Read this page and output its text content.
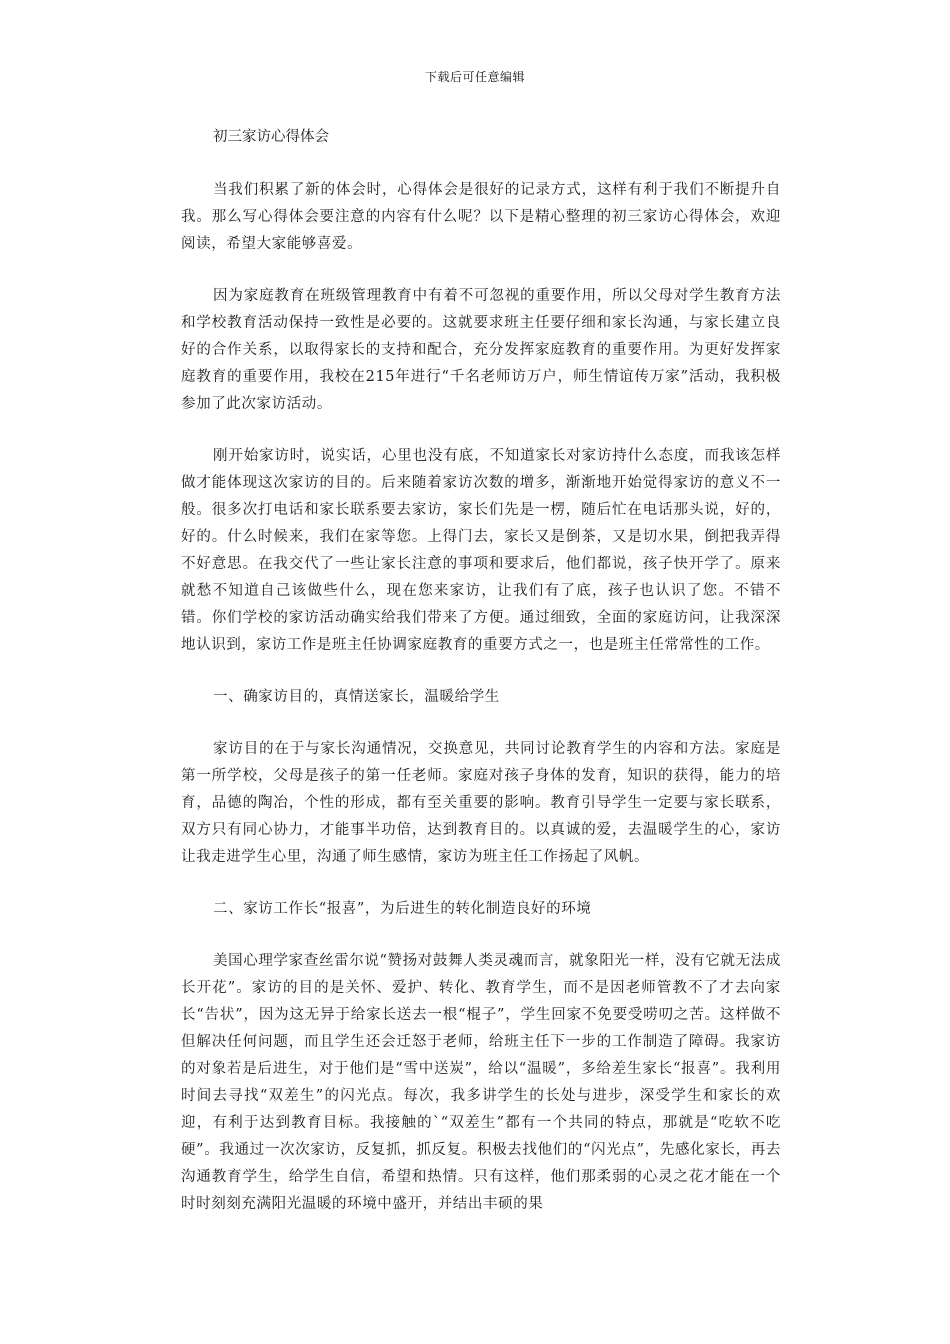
下载后可任意编辑
初三家访心得体会

当我们积累了新的体会时，心得体会是很好的记录方式，这样有利于我们不断提升自我。那么写心得体会要注意的内容有什么呢？以下是精心整理的初三家访心得体会，欢迎阅读，希望大家能够喜爱。

因为家庭教育在班级管理教育中有着不可忽视的重要作用，所以父母对学生教育方法和学校教育活动保持一致性是必要的。这就要求班主任要仔细和家长沟通，与家长建立良好的合作关系，以取得家长的支持和配合，充分发挥家庭教育的重要作用。为更好发挥家庭教育的重要作用，我校在215年进行“千名老师访万户，师生情谊传万家”活动，我积极参加了此次家访活动。

刚开始家访时，说实话，心里也没有底，不知道家长对家访持什么态度，而我该怎样做才能体现这次家访的目的。后来随着家访次数的增多，渐渐地开始觉得家访的意义不一般。很多次打电话和家长联系要去家访，家长们先是一楞，随后忙在电话那头说，好的，好的。什么时候来，我们在家等您。上得门去，家长又是倒茶，又是切水果，倒把我弄得不好意思。在我交代了一些让家长注意的事项和要求后，他们都说，孩子快开学了。原来就愁不知道自己该做些什么，现在您来家访，让我们有了底，孩子也认识了您。不错不错。你们学校的家访活动确实给我们带来了方便。通过细致，全面的家庭访问，让我深深地认识到，家访工作是班主任协调家庭教育的重要方式之一，也是班主任常常性的工作。

一、确家访目的，真情送家长，温暖给学生

家访目的在于与家长沟通情况，交换意见，共同讨论教育学生的内容和方法。家庭是第一所学校，父母是孩子的第一任老师。家庭对孩子身体的发育，知识的获得，能力的培育，品德的陶冶，个性的形成，都有至关重要的影响。教育引导学生一定要与家长联系，双方只有同心协力，才能事半功倍，达到教育目的。以真诚的爱，去温暖学生的心，家访让我走进学生心里，沟通了师生感情，家访为班主任工作扬起了风帆。

二、家访工作长“报喜”，为后进生的转化制造良好的环境

美国心理学家查丝雷尔说“赞扬对鼓舞人类灵魂而言，就象阳光一样，没有它就无法成长开花”。家访的目的是关怀、爱护、转化、教育学生，而不是因老师管教不了才去向家长“告状”，因为这无异于给家长送去一根“棍子”，学生回家不免要受唠叨之苦。这样做不但解决任何问题，而且学生还会迁怒于老师，给班主任下一步的工作制造了障碍。我家访的对象若是后进生，对于他们是“雪中送炭”，给以“温暖”，多给差生家长“报喜”。我利用时间去寻找“双差生”的闪光点。每次，我多讲学生的长处与进步，深受学生和家长的欢迎，有利于达到教育目标。我接触的`“双差生”都有一个共同的特点，那就是“吃软不吃硬”。我通过一次次家访，反复抓，抓反复。积极去找他们的“闪光点”，先感化家长，再去沟通教育学生，给学生自信，希望和热情。只有这样，他们那柔弱的心灵之花才能在一个时时刻刻充满阳光温暖的环境中盛开，并结出丰硕的果
